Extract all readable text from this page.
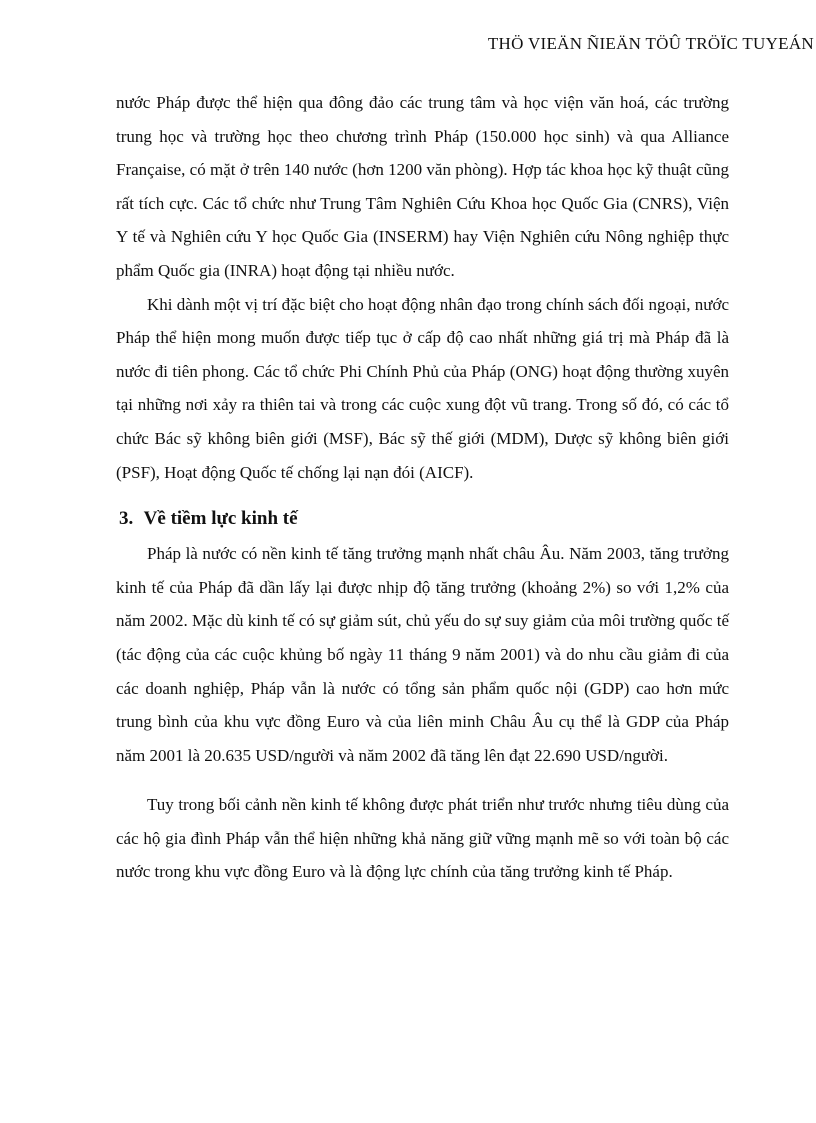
THÖ VIEÄN ÑIEÄN TÖÛ TRÖÏC TUYEÁN

nước Pháp được thể hiện qua đông đảo các trung tâm và học viện văn hoá, các trường trung học và trường học theo chương trình Pháp (150.000 học sinh) và qua Alliance Française, có mặt ở trên 140 nước (hơn 1200 văn phòng). Hợp tác khoa học kỹ thuật cũng rất tích cực. Các tổ chức như Trung Tâm Nghiên Cứu Khoa học Quốc Gia (CNRS), Viện Y tế và Nghiên cứu Y học Quốc Gia (INSERM) hay Viện Nghiên cứu Nông nghiệp thực phẩm Quốc gia (INRA) hoạt động tại nhiều nước.

Khi dành một vị trí đặc biệt cho hoạt động nhân đạo trong chính sách đối ngoại, nước Pháp thể hiện mong muốn được tiếp tục ở cấp độ cao nhất những giá trị mà Pháp đã là nước đi tiên phong. Các tổ chức Phi Chính Phủ của Pháp (ONG) hoạt động thường xuyên tại những nơi xảy ra thiên tai và trong các cuộc xung đột vũ trang. Trong số đó, có các tổ chức Bác sỹ không biên giới (MSF), Bác sỹ thế giới (MDM), Dược sỹ không biên giới (PSF), Hoạt động Quốc tế chống lại nạn đói (AICF).

3. Về tiềm lực kinh tế

Pháp là nước có nền kinh tế tăng trưởng mạnh nhất châu Âu. Năm 2003, tăng trưởng kinh tế của Pháp đã dần lấy lại được nhịp độ tăng trưởng (khoảng 2%) so với 1,2% của năm 2002. Mặc dù kinh tế có sự giảm sút, chủ yếu do sự suy giảm của môi trường quốc tế (tác động của các cuộc khủng bố ngày 11 tháng 9 năm 2001) và do nhu cầu giảm đi của các doanh nghiệp, Pháp vẫn là nước có tổng sản phẩm quốc nội (GDP) cao hơn mức trung bình của khu vực đồng Euro và của liên minh Châu Âu cụ thể là GDP của Pháp năm 2001 là 20.635 USD/người và năm 2002 đã tăng lên đạt 22.690 USD/người.

Tuy trong bối cảnh nền kinh tế không được phát triển như trước nhưng tiêu dùng của các hộ gia đình Pháp vẫn thể hiện những khả năng giữ vững mạnh mẽ so với toàn bộ các nước trong khu vực đồng Euro và là động lực chính của tăng trưởng kinh tế Pháp.
